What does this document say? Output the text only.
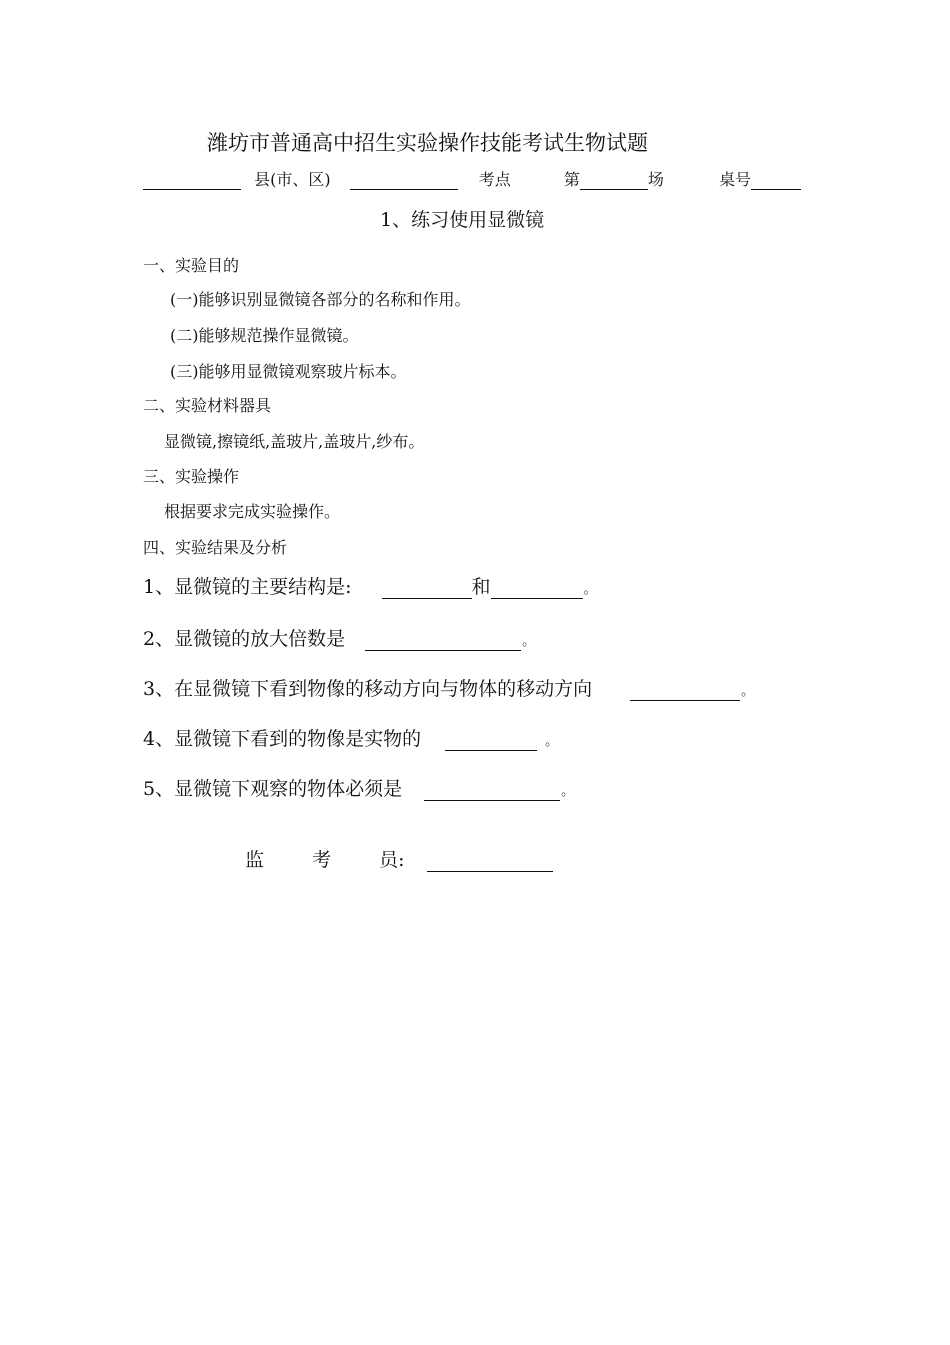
潍坊市普通高中招生实验操作技能考试生物试题
县(市、区)	考点	第	场	桌号
1、练习使用显微镜
一、实验目的
(一)能够识别显微镜各部分的名称和作用。
(二)能够规范操作显微镜。
(三)能够用显微镜观察玻片标本。
二、实验材料器具
显微镜,擦镜纸,盖玻片,盖玻片,纱布。
三、实验操作
根据要求完成实验操作。
四、实验结果及分析
1、显微镜的主要结构是:	和	。
2、显微镜的放大倍数是	。
3、在显微镜下看到物像的移动方向与物体的移动方向	。
4、显微镜下看到的物像是实物的	。
5、显微镜下观察的物体必须是	。
监	考	员:
